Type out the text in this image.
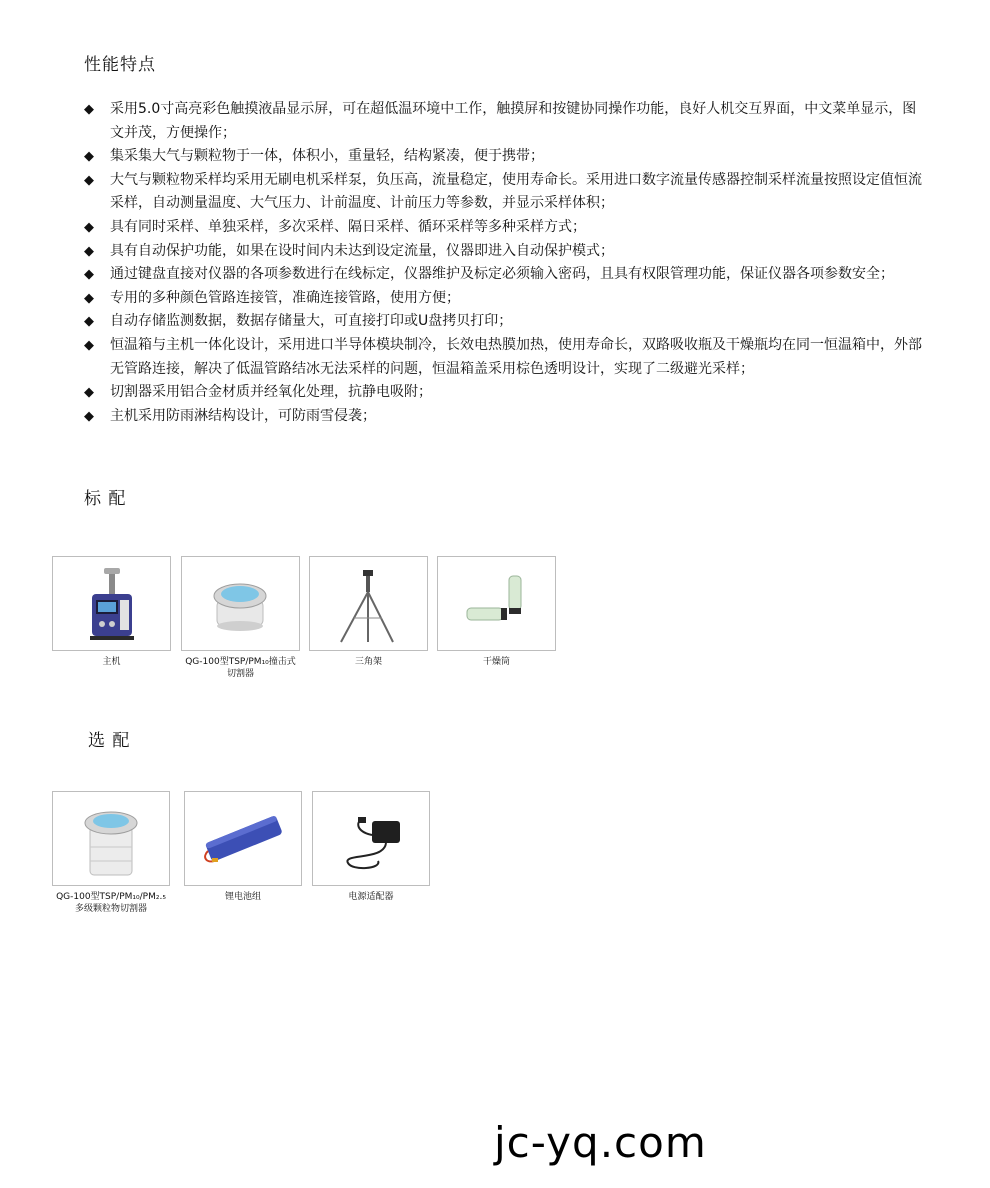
性能特点
◆ 采用5.0寸高亮彩色触摸液晶显示屏，可在超低温环境中工作，触摸屏和按键协同操作功能，良好人机交互界面，中文菜单显示，图文并茂，方便操作；
◆ 集采集大气与颗粒物于一体，体积小，重量轻，结构紧凑，便于携带；
◆ 大气与颗粒物采样均采用无刷电机采样泵，负压高，流量稳定，使用寿命长。采用进口数字流量传感器控制采样流量按照设定值恒流采样，自动测量温度、大气压力、计前温度、计前压力等参数，并显示采样体积；
◆ 具有同时采样、单独采样，多次采样、隔日采样、循环采样等多种采样方式；
◆ 具有自动保护功能，如果在设时间内未达到设定流量，仪器即进入自动保护模式；
◆ 通过键盘直接对仪器的各项参数进行在线标定，仪器维护及标定必须输入密码，且具有权限管理功能，保证仪器各项参数安全；
◆ 专用的多种颜色管路连接管，准确连接管路，使用方便；
◆ 自动存储监测数据，数据存储量大，可直接打印或U盘拷贝打印；
◆ 恒温箱与主机一体化设计，采用进口半导体模块制冷，长效电热膜加热，使用寿命长，双路吸收瓶及干燥瓶均在同一恒温箱中，外部无管路连接，解决了低温管路结冰无法采样的问题，恒温箱盖采用棕色透明设计，实现了二级避光采样；
◆ 切割器采用铝合金材质并经氧化处理，抗静电吸附；
◆ 主机采用防雨淋结构设计，可防雨雪侵袭；
标 配
主机	QG-100型TSP/PM₁₀撞击式切割器
三角架	干燥筒
选 配
QG-100型TSP/PM₁₀/PM₂.₅多级颗粒物切割器
锂电池组	电源适配器
jc-yq.com
